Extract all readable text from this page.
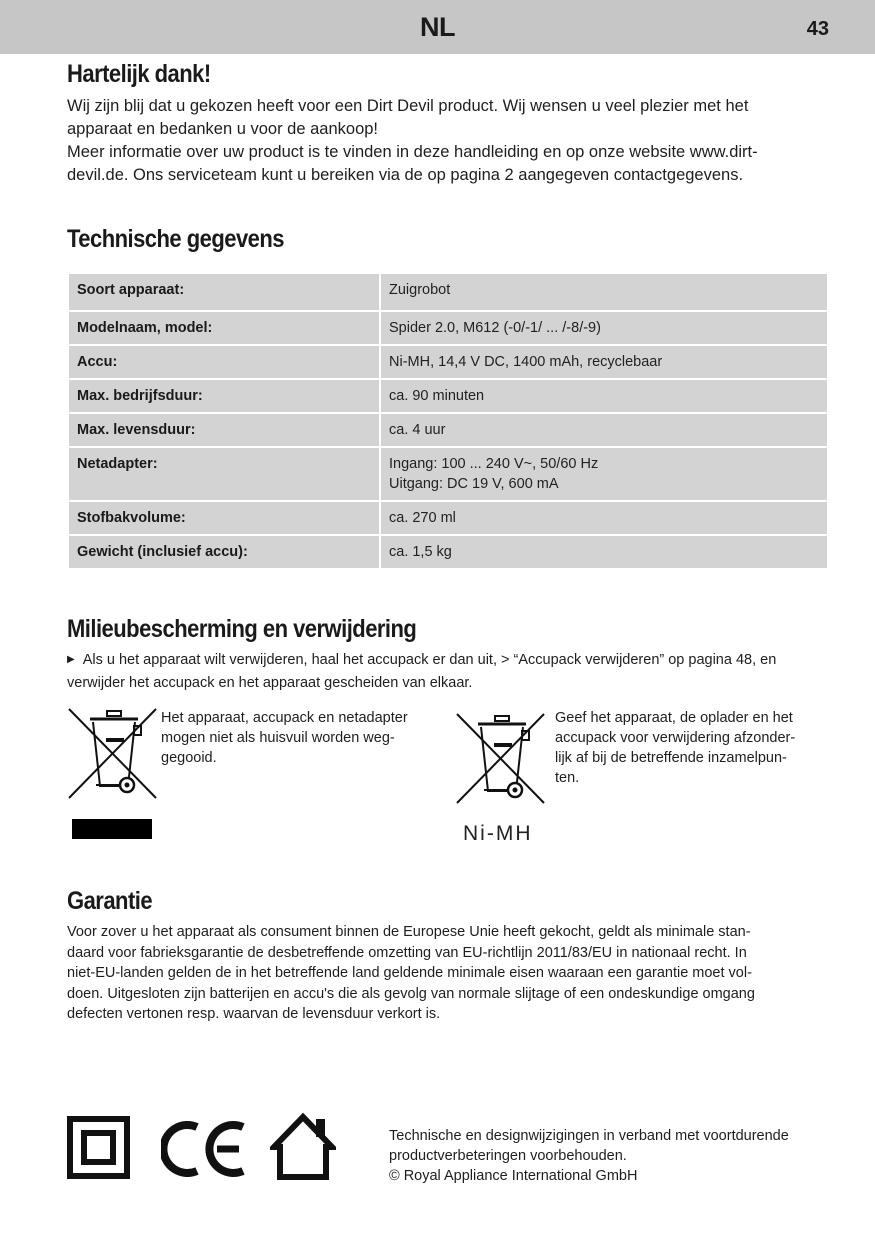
NL	43
Hartelijk dank!
Wij zijn blij dat u gekozen heeft voor een Dirt Devil product. Wij wensen u veel plezier met het
apparaat en bedanken u voor de aankoop!
Meer informatie over uw product is te vinden in deze handleiding en op onze website www.dirt-
devil.de. Ons serviceteam kunt u bereiken via de op pagina 2 aangegeven contactgegevens.
Technische gegevens
Soort apparaat:	Zuigrobot
Modelnaam, model:	Spider 2.0, M612 (-0/-1/ ... /-8/-9)
Accu:	Ni-MH, 14,4 V DC, 1400 mAh, recyclebaar
Max. bedrijfsduur:	ca. 90 minuten
Max. levensduur:	ca. 4 uur
Netadapter:	Ingang: 100 ... 240 V~, 50/60 Hz
Uitgang: DC 19 V, 600 mA

Stofbakvolume:	ca. 270 ml
Gewicht (inclusief accu):	ca. 1,5 kg
Milieubescherming en verwijdering
▶ Als u het apparaat wilt verwijderen, haal het accupack er dan uit, > “Accupack verwijderen” op pagina 48, en
verwijder het accupack en het apparaat gescheiden van elkaar.
Het apparaat, accupack en netadapter
mogen niet als huisvuil worden weg-
gegooid.
Geef het apparaat, de oplader en het
accupack voor verwijdering afzonder-
lijk af bij de betreffende inzamelpun-
ten.
Ni-MH
Garantie
Voor zover u het apparaat als consument binnen de Europese Unie heeft gekocht, geldt als minimale stan-
daard voor fabrieksgarantie de desbetreffende omzetting van EU-richtlijn 2011/83/EU in nationaal recht. In
niet-EU-landen gelden de in het betreffende land geldende minimale eisen waaraan een garantie moet vol-
doen. Uitgesloten zijn batterijen en accu's die als gevolg van normale slijtage of een ondeskundige omgang
defecten vertonen resp. waarvan de levensduur verkort is.
Technische en designwijzigingen in verband met voortdurende
productverbeteringen voorbehouden.
© Royal Appliance International GmbH
